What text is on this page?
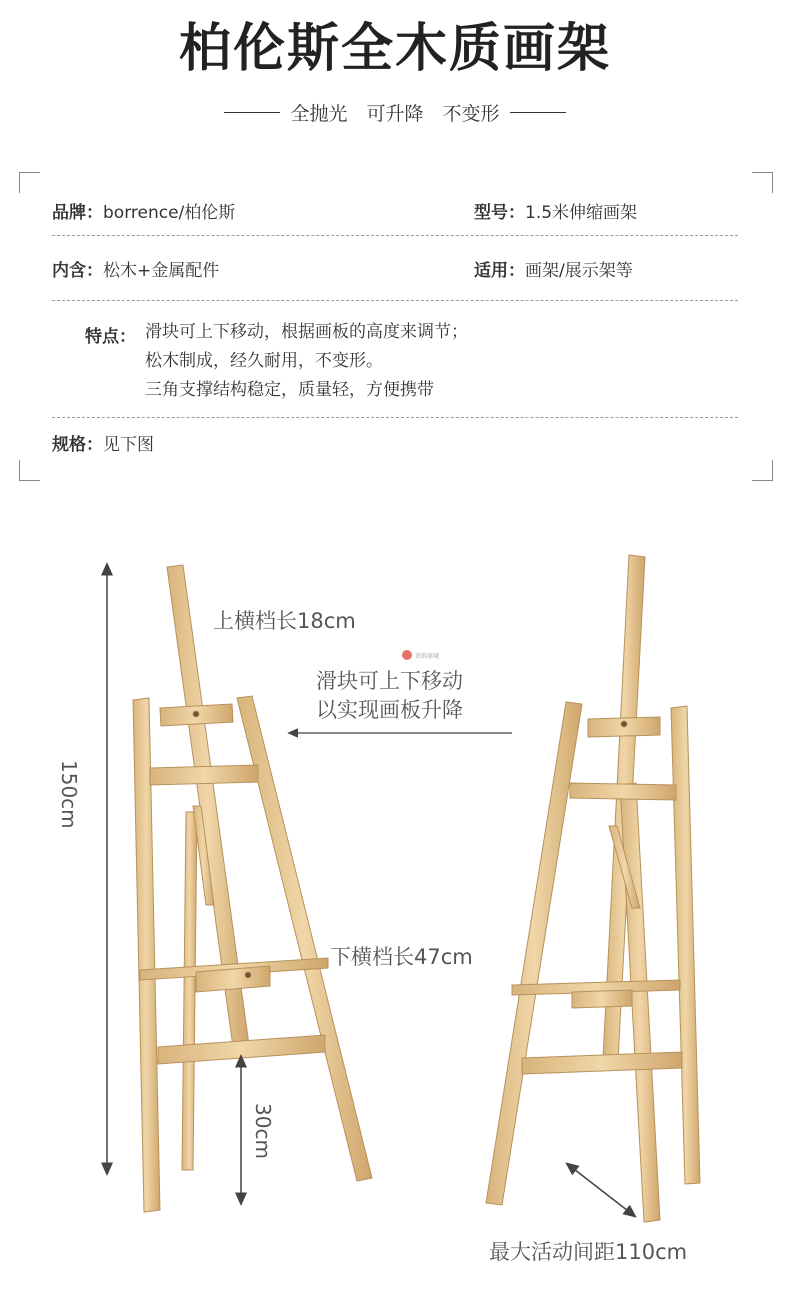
柏伦斯全木质画架
全抛光　可升降　不变形
品牌：borrence/柏伦斯	型号：1.5米伸缩画架
内含：松木+金属配件	适用：画架/展示架等
特点： 滑块可上下移动，根据画板的高度来调节；
松木制成，经久耐用，不变形。
三角支撑结构稳定，质量轻，方便携带
规格：见下图
150cm
30cm
上横档长18cm
滑块可上下移动
以实现画板升降
下横档长47cm
最大活动间距110cm
讯购商城
